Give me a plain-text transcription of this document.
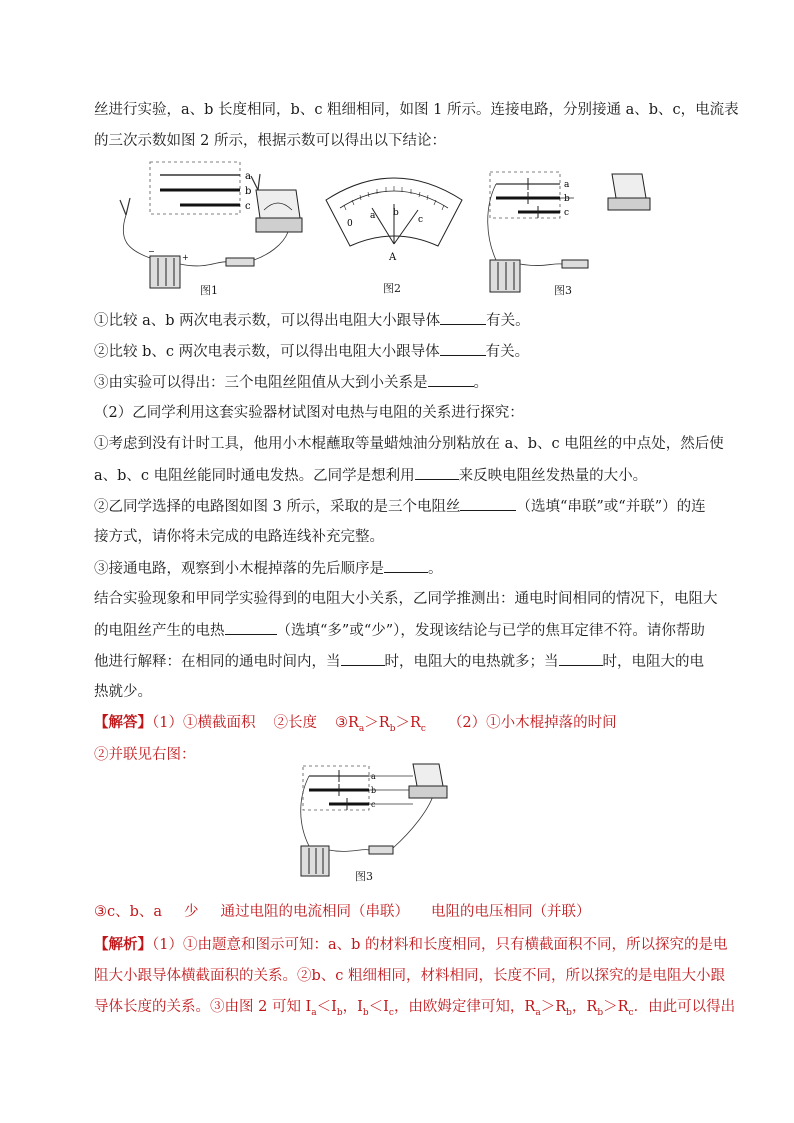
丝进行实验，a、b 长度相同，b、c 粗细相同，如图 1 所示。连接电路，分别接通 a、b、c，电流表
的三次示数如图 2 所示，根据示数可以得出以下结论：
a
b
c
−
+
图1
0
a b
c
A
图2
a
b
c
图3
①比较 a、b 两次电表示数，可以得出电阻大小跟导体	有关。
②比较 b、c 两次电表示数，可以得出电阻大小跟导体	有关。
③由实验可以得出：三个电阻丝阻值从大到小关系是	。
（2）乙同学利用这套实验器材试图对电热与电阻的关系进行探究：
①考虑到没有计时工具，他用小木棍蘸取等量蜡烛油分别粘放在 a、b、c 电阻丝的中点处，然后使
a、b、c 电阻丝能同时通电发热。乙同学是想利用	来反映电阻丝发热量的大小。
②乙同学选择的电路图如图 3 所示，采取的是三个电阻丝	（选填“串联”或“并联”）的连
接方式，请你将未完成的电路连线补充完整。
③接通电路，观察到小木棍掉落的先后顺序是	。
结合实验现象和甲同学实验得到的电阻大小关系，乙同学推测出：通电时间相同的情况下，电阻大
的电阻丝产生的电热	（选填“多”或“少”），发现该结论与已学的焦耳定律不符。请你帮助
他进行解释：在相同的通电时间内，当	时，电阻大的电热就多；当	时，电阻大的电
热就少。
【解答】（1）①横截面积 ②长度 $③R_a>R_b>R_c$ （2）①小木棍掉落的时间
②并联见右图：
a
b
c
图3
③c、b、a 少 通过电阻的电流相同（串联） 电阻的电压相同（并联）
【解析】（1）①由题意和图示可知：a、b 的材料和长度相同，只有横截面积不同，所以探究的是电
阻大小跟导体横截面积的关系。②b、c 粗细相同，材料相同，长度不同，所以探究的是电阻大小跟
导体长度的关系。③由图 2 可知 $I_a<I_b$，$I_b<I_c$，由欧姆定律可知，$R_a>R_b$，$R_b>R_c$．由此可以得出
